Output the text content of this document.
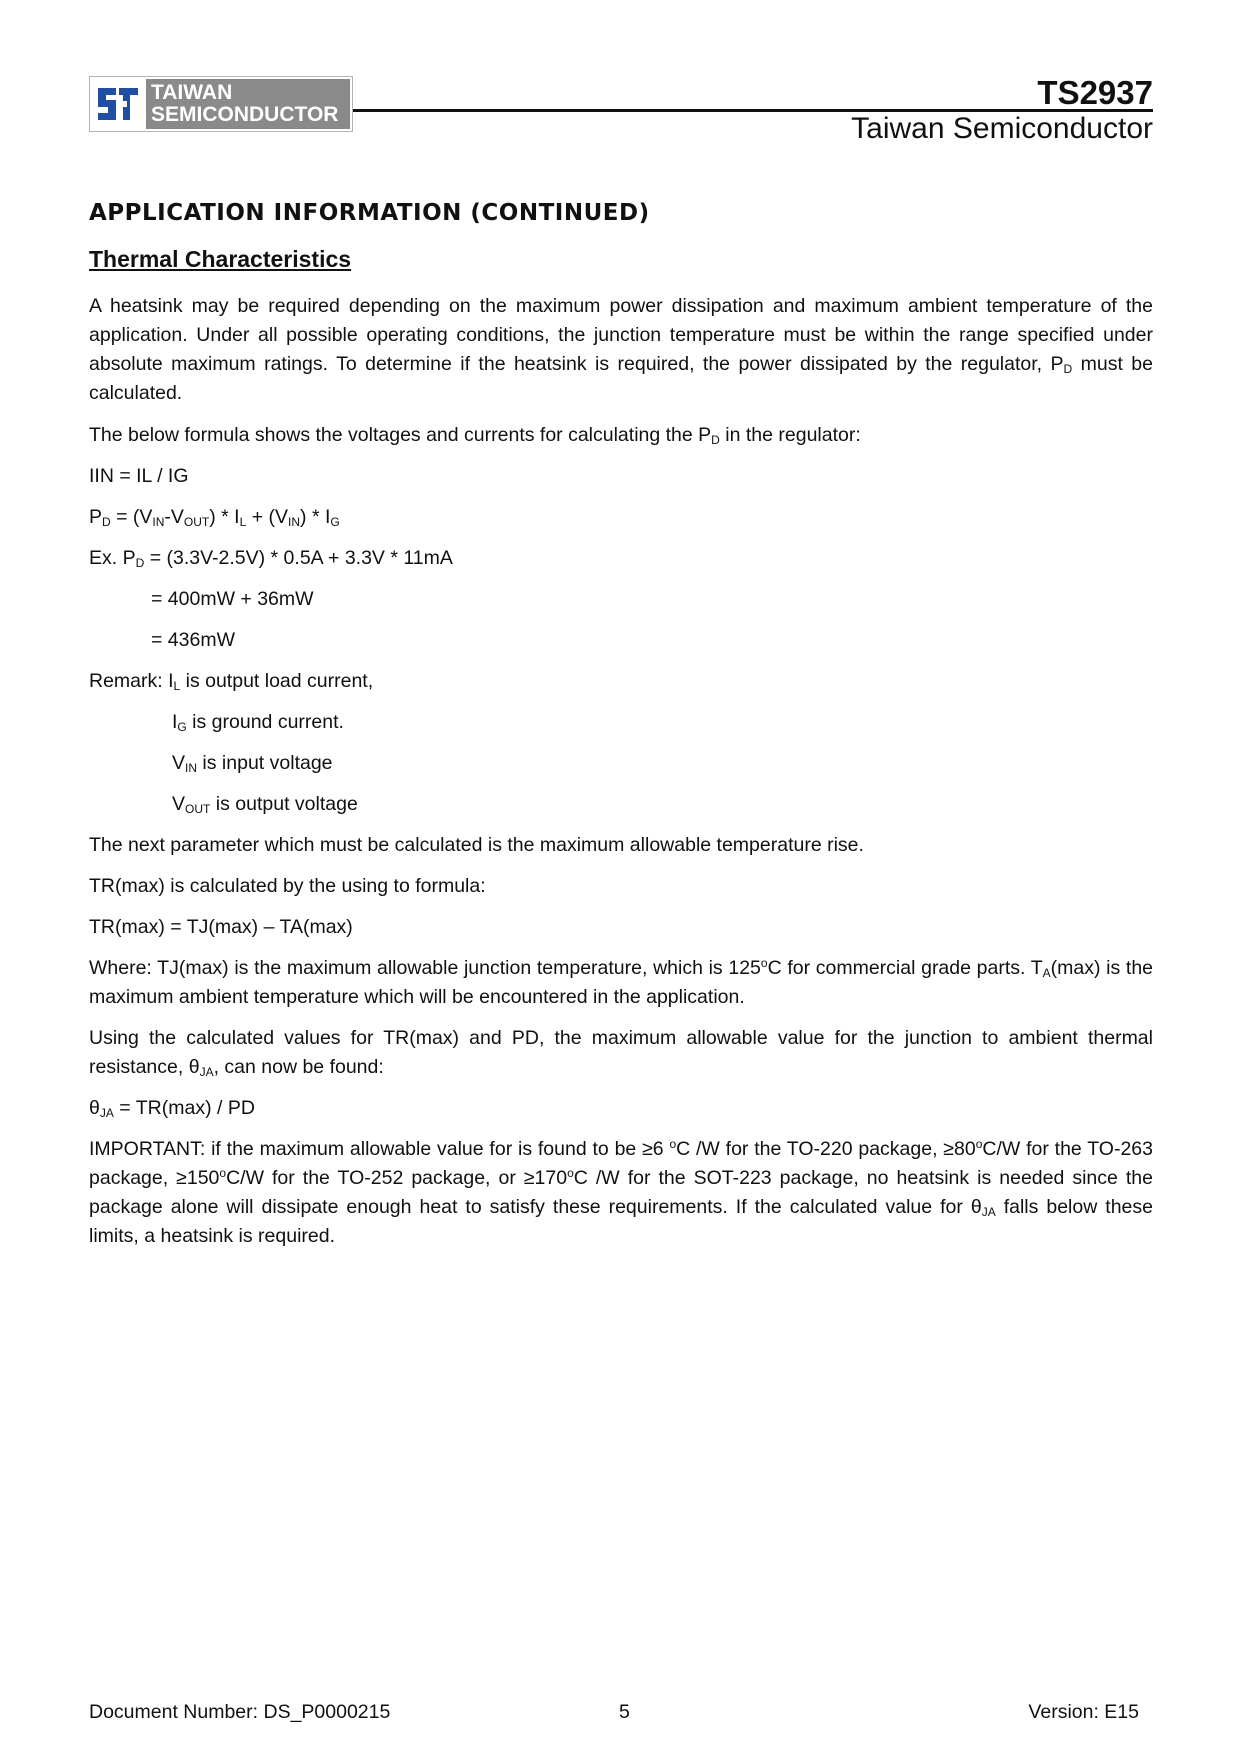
TAIWAN
SEMICONDUCTOR
TS2937
Taiwan Semiconductor
APPLICATION INFORMATION (CONTINUED)
Thermal Characteristics

A heatsink may be required depending on the maximum power dissipation and maximum ambient temperature of the application. Under all possible operating conditions, the junction temperature must be within the range specified under absolute maximum ratings. To determine if the heatsink is required, the power dissipated by the regulator, $P_D$ must be calculated.

The below formula shows the voltages and currents for calculating the $P_D$ in the regulator:

IIN = IL / IG

$P_D = (V_{IN}-V_{OUT}) * I_L + (V_{IN}) * I_G$

Ex. $P_D = (3.3V-2.5V) * 0.5A + 3.3V * 11mA$

= 400mW + 36mW

= 436mW

Remark: $I_L$ is output load current,

$I_G$ is ground current.

$V_{IN}$ is input voltage

$V_{OUT}$ is output voltage

The next parameter which must be calculated is the maximum allowable temperature rise.

TR(max) is calculated by the using to formula:

TR(max) = TJ(max) – TA(max)

Where: TJ(max) is the maximum allowable junction temperature, which is 125$^o$C for commercial grade parts. $T_A(\max)$ is the maximum ambient temperature which will be encountered in the application.

Using the calculated values for TR(max) and PD, the maximum allowable value for the junction to ambient thermal resistance, $\theta_{JA}$, can now be found:

$\theta_{JA} = TR(\max)$ / PD

IMPORTANT: if the maximum allowable value for is found to be ≥6 $^o$C /W for the TO-220 package, $\ge 80^oC/W$ for the TO-263 package, $\ge 150^oC/W$ for the TO-252 package, or $\ge 170^oC$ /W for the SOT-223 package, no heatsink is needed since the package alone will dissipate enough heat to satisfy these requirements. If the calculated value for $\theta_{JA}$ falls below these limits, a heatsink is required.

Document Number: DS_P0000215	5	Version: E15
